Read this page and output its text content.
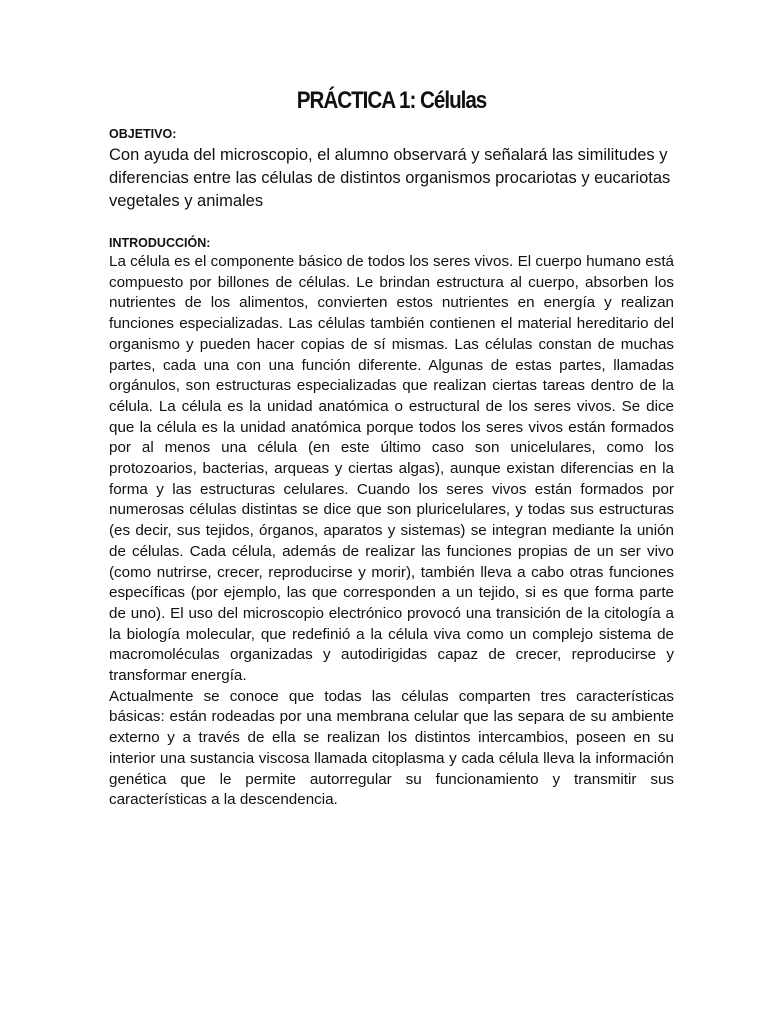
PRÁCTICA 1: Células

OBJETIVO:

Con ayuda del microscopio, el alumno observará y señalará las similitudes y diferencias entre las células de distintos organismos procariotas y eucariotas vegetales y animales

INTRODUCCIÓN:

La célula es el componente básico de todos los seres vivos. El cuerpo humano está compuesto por billones de células. Le brindan estructura al cuerpo, absorben los nutrientes de los alimentos, convierten estos nutrientes en energía y realizan funciones especializadas. Las células también contienen el material hereditario del organismo y pueden hacer copias de sí mismas. Las células constan de muchas partes, cada una con una función diferente. Algunas de estas partes, llamadas orgánulos, son estructuras especializadas que realizan ciertas tareas dentro de la célula. La célula es la unidad anatómica o estructural de los seres vivos. Se dice que la célula es la unidad anatómica porque todos los seres vivos están formados por al menos una célula (en este último caso son unicelulares, como los protozoarios, bacterias, arqueas y ciertas algas), aunque existan diferencias en la forma y las estructuras celulares. Cuando los seres vivos están formados por numerosas células distintas se dice que son pluricelulares, y todas sus estructuras (es decir, sus tejidos, órganos, aparatos y sistemas) se integran mediante la unión de células. Cada célula, además de realizar las funciones propias de un ser vivo (como nutrirse, crecer, reproducirse y morir), también lleva a cabo otras funciones específicas (por ejemplo, las que corresponden a un tejido, si es que forma parte de uno). El uso del microscopio electrónico provocó una transición de la citología a la biología molecular, que redefinió a la célula viva como un complejo sistema de macromoléculas organizadas y autodirigidas capaz de crecer, reproducirse y transformar energía.

Actualmente se conoce que todas las células comparten tres características básicas: están rodeadas por una membrana celular que las separa de su ambiente externo y a través de ella se realizan los distintos intercambios, poseen en su interior una sustancia viscosa llamada citoplasma y cada célula lleva la información genética que le permite autorregular su funcionamiento y transmitir sus características a la descendencia.
